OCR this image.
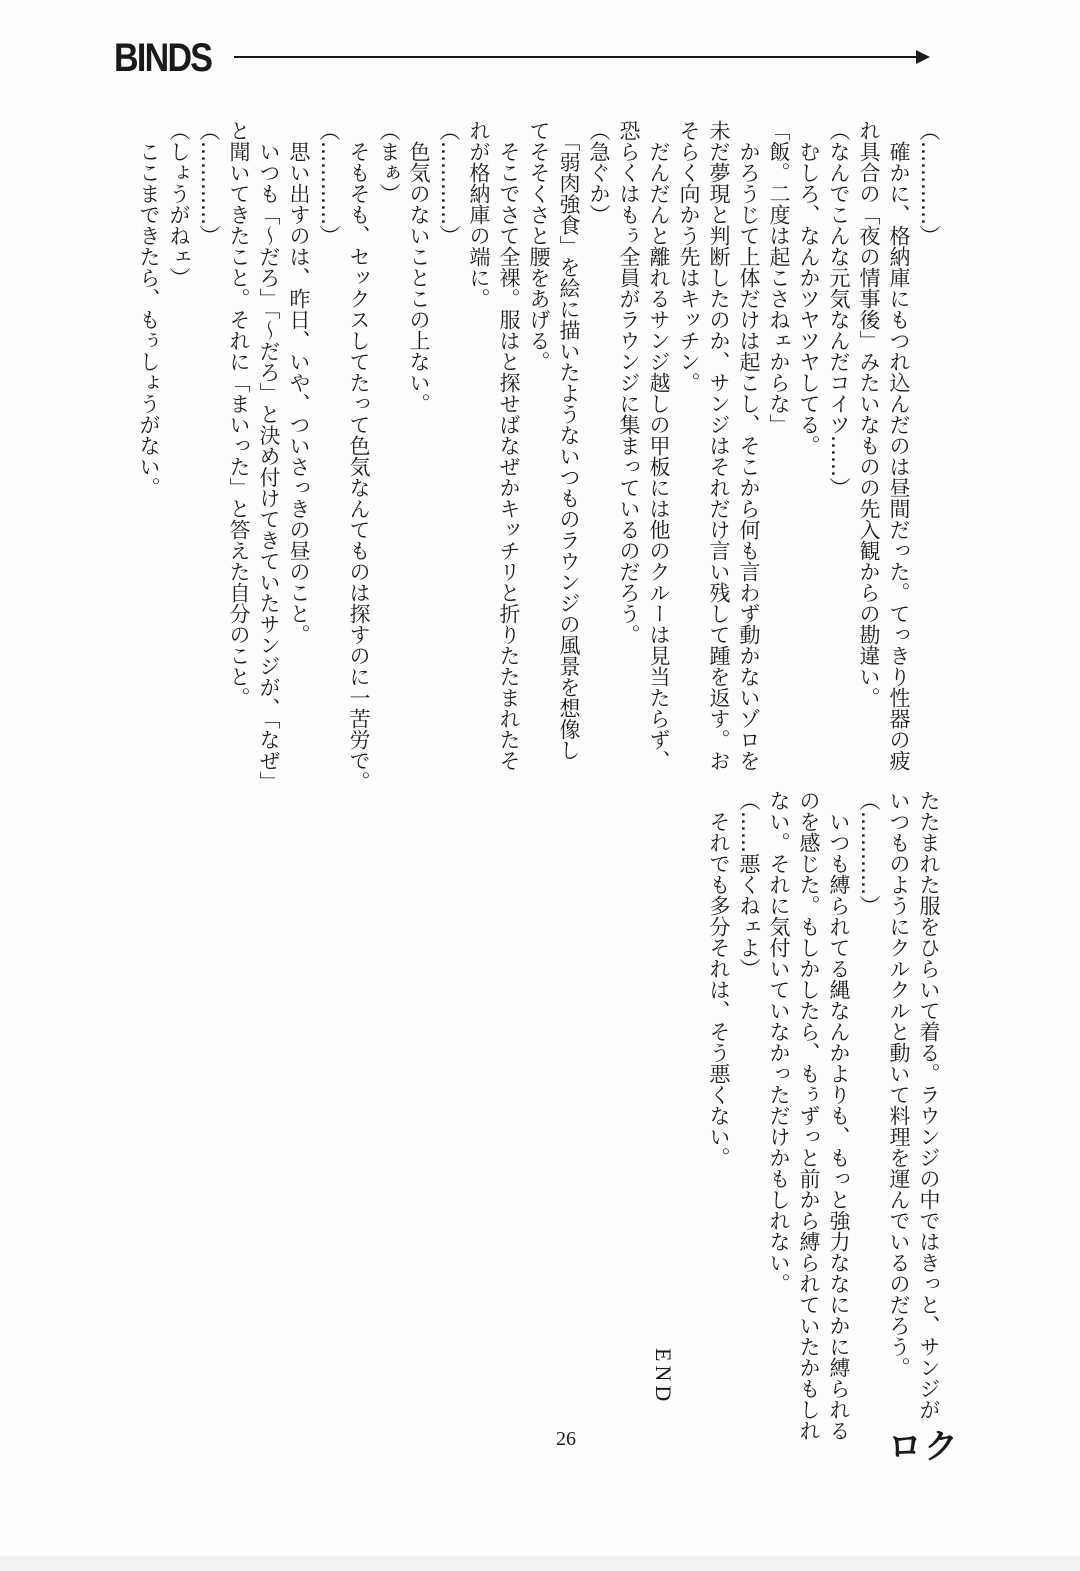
BINDS
（…………）
　確かに、格納庫にもつれ込んだのは昼間だった。てっきり性器の疲
れ具合の「夜の情事後」みたいなものの先入観からの勘違い。
（なんでこんな元気なんだコイツ……）
　むしろ、なんかツヤツヤしてる。
「飯。二度は起こさねェからな」
　かろうじて上体だけは起こし、そこから何も言わず動かないゾロを
未だ夢現と判断したのか、サンジはそれだけ言い残して踵を返す。お
そらく向かう先はキッチン。
　だんだんと離れるサンジ越しの甲板には他のクルーは見当たらず、
恐らくはもぅ全員がラウンジに集まっているのだろう。
（急ぐか）
　「弱肉強食」を絵に描いたようないつものラウンジの風景を想像し
てそそくさと腰をあげる。
　そこでさて全裸。服はと探せばなぜかキッチリと折りたたまれたそ
れが格納庫の端に。
（…………）
　色気のないことこの上ない。
（まぁ）
　そもそも、セックスしてたって色気なんてものは探すのに一苦労で。
（…………）
　思い出すのは、昨日、いや、ついさっきの昼のこと。
　いつも「～だろ」「～だろ」と決め付けてきていたサンジが、「なぜ」
と聞いてきたこと。それに「まいった」と答えた自分のこと。
（…………）
（しょうがねェ）
　ここまできたら、もぅしょうがない。
たたまれた服をひらいて着る。ラウンジの中ではきっと、サンジが
いつものようにクルクルと動いて料理を運んでいるのだろう。
（…………）
　いつも縛られてる縄なんかよりも、もっと強力ななにかに縛られる
のを感じた。もしかしたら、もぅずっと前から縛られていたかもしれ
ない。それに気付いていなかっただけかもしれない。
（……悪くねェよ）
　それでも多分それは、そう悪くない。
END
ロク
26
